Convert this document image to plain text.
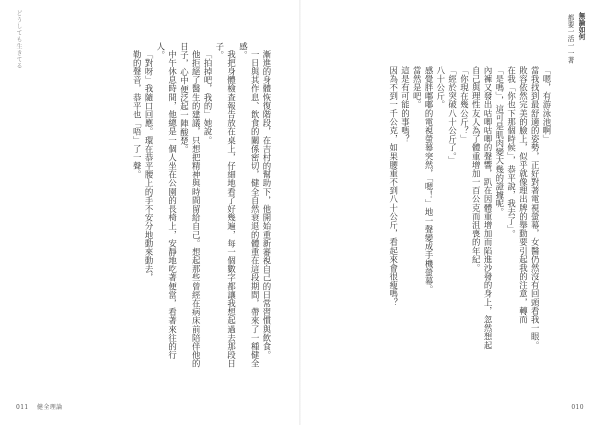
どうしても生きてる

漸進的身體恢復階段，在吉村的幫助下，他開始重新審視自己的日常習慣與飲食。

一日與其作息、飲食的關係密切，健全自然衰退的體重在這段期間，帶來了一種健全感。

我把身體檢查報告放在桌上，仔細地看了好幾遍，每一個數字都讓我想起過去那段日子。

「拍掉吧，我的」她說。

他拒絕了醫生的建議，只想把精神與時間留給自己。想起那些曾經在病床前陪伴他的日子，心中便泛起一陣酸楚。

中午休息時間，他總是一個人坐在公園的長椅上，安靜地吃著便當，看著來往的行人。

「對呀」我隨口回應。環在恭平腰上的手不安分地動來動去，

勒的聲音，恭平也「唔」了一聲。

011 健全理論
無論如何
都要一活一一著

「嗯，有游泳池啊」

當我找到最舒適的姿勢，正好對著電視螢幕，女醫仍然沒有回頭看我一眼。

敗容依然完美的臉上，似乎就像理出牌的舉動要引起我的注意，轉而

在我「你也下那個時候」，恭平說，我去了」。

「是嗎」，這可是肌肉變大幾的證據呢。

內褲又發出咕唧咕唧的聲響，趴在因體重增加而陷進沙發的身上，忽然想起

自己與理性友人為了體重增加一百公克而沮喪的年紀。

「你現在幾公斤？」

「經於突破八十公斤了。」

八十公斤。

感覺胖嘟嘟的電視螢幕突然，「嗯！」地一聲變成手機螢幕。

當然是吧。

這是有可能的事嗎？

因為不到一千公克，如果腰重不到八十公斤，看起來會很瘦嗎？

010
